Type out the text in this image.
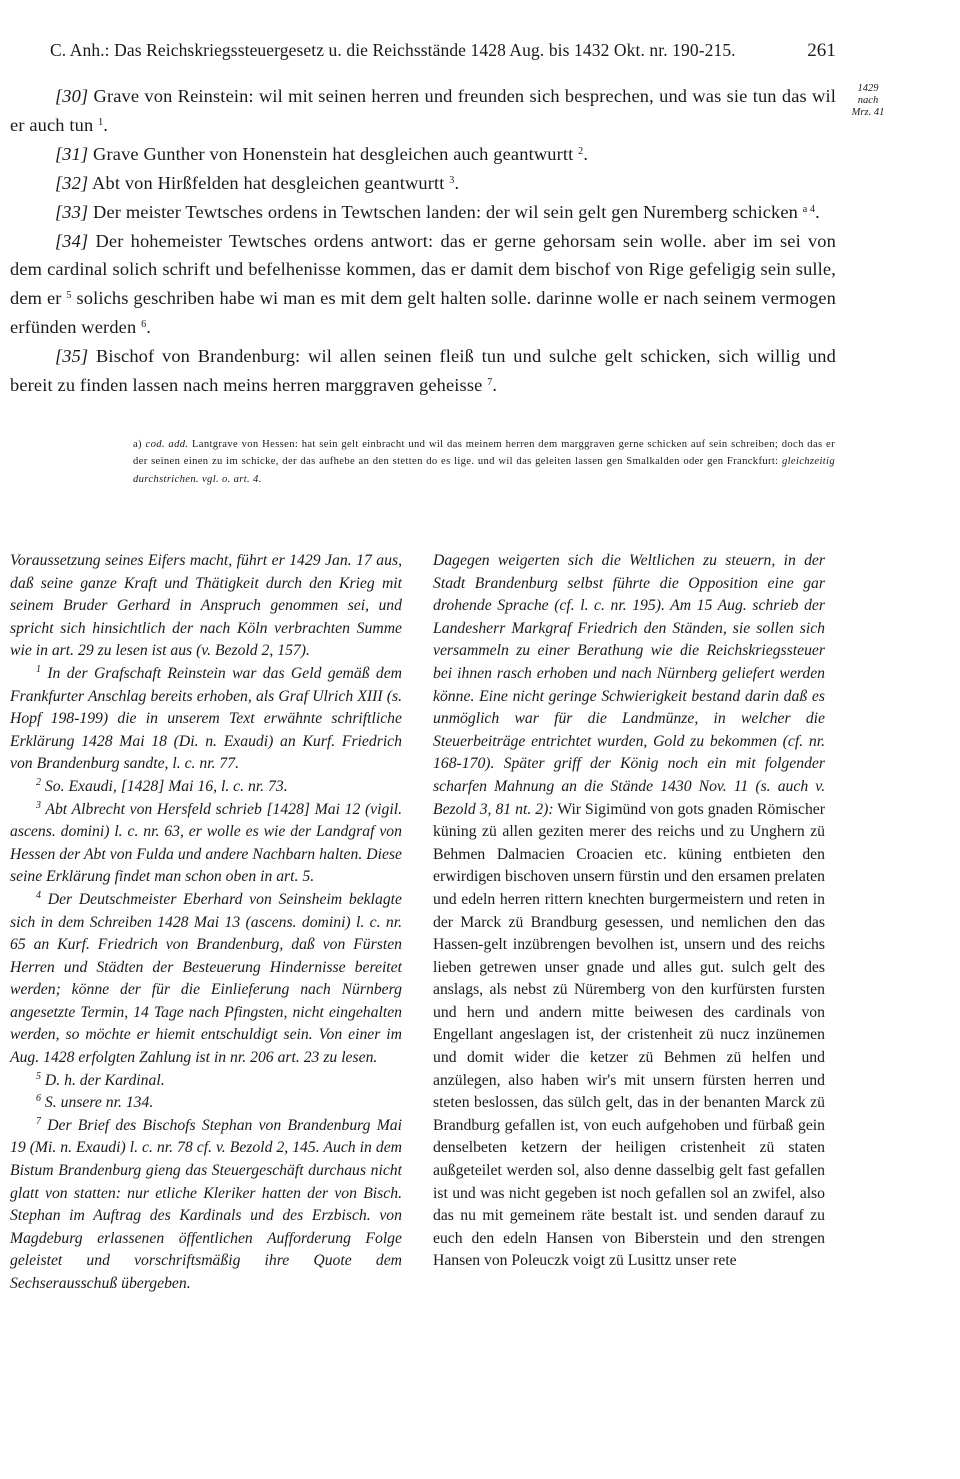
C. Anh.: Das Reichskriegssteuergesetz u. die Reichsstände 1428 Aug. bis 1432 Okt. nr. 190-215.	261
1429
nach
Mrz. 41

[30] Grave von Reinstein: wil mit seinen herren und freunden sich besprechen, und was sie tun das wil er auch tun $^1$.

[31] Grave Gunther von Honenstein hat desgleichen auch geantwurtt $^2$.

[32] Abt von Hirßfelden hat desgleichen geantwurtt $^3$.

[33] Der meister Tewtsches ordens in Tewtschen landen: der wil sein gelt gen Nuremberg schicken $^{a 4}$.

[34] Der hohemeister Tewtsches ordens antwort: das er gerne gehorsam sein wolle. aber im sei von dem cardinal solich schrift und befelhenisse kommen, das er damit dem bischof von Rige gefeligig sein sulle, dem er $^5$ solichs geschriben habe wi man es mit dem gelt halten solle. darinne wolle er nach seinem vermogen erfünden werden $^6$.

[35] Bischof von Brandenburg: wil allen seinen fleiß tun und sulche gelt schicken, sich willig und bereit zu finden lassen nach meins herren marggraven geheisse $^7$.

a) cod. add. Lantgrave von Hessen: hat sein gelt einbracht und wil das meinem herren dem marggraven gerne schicken auf sein schreiben; doch das er der seinen einen zu im schicke, der das aufhebe an den stetten do es lige. und wil das geleiten lassen gen Smalkalden oder gen Franckfurt: gleichzeitig durchstrichen. vgl. o. art. 4.

Voraussetzung seines Eifers macht, führt er 1429 Jan. 17 aus, daß seine ganze Kraft und Thätigkeit durch den Krieg mit seinem Bruder Gerhard in Anspruch genommen sei, und spricht sich hinsichtlich der nach Köln verbrachten Summe wie in art. 29 zu lesen ist aus (v. Bezold 2, 157).

$^1$ In der Grafschaft Reinstein war das Geld gemäß dem Frankfurter Anschlag bereits erhoben, als Graf Ulrich XIII (s. Hopf 198-199) die in unserem Text erwähnte schriftliche Erklärung 1428 Mai 18 (Di. n. Exaudi) an Kurf. Friedrich von Brandenburg sandte, l. c. nr. 77.

$^2$ So. Exaudi, [1428] Mai 16, l. c. nr. 73.

$^3$ Abt Albrecht von Hersfeld schrieb [1428] Mai 12 (vigil. ascens. domini) l. c. nr. 63, er wolle es wie der Landgraf von Hessen der Abt von Fulda und andere Nachbarn halten. Diese seine Erklärung findet man schon oben in art. 5.

$^4$ Der Deutschmeister Eberhard von Seinsheim beklagte sich in dem Schreiben 1428 Mai 13 (ascens. domini) l. c. nr. 65 an Kurf. Friedrich von Brandenburg, daß von Fürsten Herren und Städten der Besteuerung Hindernisse bereitet werden; könne der für die Einlieferung nach Nürnberg angesetzte Termin, 14 Tage nach Pfingsten, nicht eingehalten werden, so möchte er hiemit entschuldigt sein. Von einer im Aug. 1428 erfolgten Zahlung ist in nr. 206 art. 23 zu lesen.

$^5$ D. h. der Kardinal.

$^6$ S. unsere nr. 134.

$^7$ Der Brief des Bischofs Stephan von Brandenburg Mai 19 (Mi. n. Exaudi) l. c. nr. 78 cf. v. Bezold 2, 145. Auch in dem Bistum Brandenburg gieng das Steuergeschäft durchaus nicht glatt von statten: nur etliche Kleriker hatten der von Bisch. Stephan im Auftrag des Kardinals und des Erzbisch. von Magdeburg erlassenen öffentlichen Aufforderung Folge geleistet und vorschriftsmäßig ihre Quote dem Sechserausschuß übergeben.

Dagegen weigerten sich die Weltlichen zu steuern, in der Stadt Brandenburg selbst führte die Opposition eine gar drohende Sprache (cf. l. c. nr. 195). Am 15 Aug. schrieb der Landesherr Markgraf Friedrich den Ständen, sie sollen sich versammeln zu einer Berathung wie die Reichskriegssteuer bei ihnen rasch erhoben und nach Nürnberg geliefert werden könne. Eine nicht geringe Schwierigkeit bestand darin daß es unmöglich war für die Landmünze, in welcher die Steuerbeiträge entrichtet wurden, Gold zu bekommen (cf. nr. 168-170). Später griff der König noch ein mit folgender scharfen Mahnung an die Stände 1430 Nov. 11 (s. auch v. Bezold 3, 81 nt. 2): Wir Sigimünd von gots gnaden Römischer küning zü allen geziten merer des reichs und zu Unghern zü Behmen Dalmacien Croacien etc. küning entbieten den erwirdigen bischoven unsern fürstin und den ersamen prelaten und edeln herren rittern knechten burgermeistern und reten in der Marck zü Brandburg gesessen, und nemlichen den das Hassen-gelt inzübrengen bevolhen ist, unsern und des reichs lieben getrewen unser gnade und alles gut. sulch gelt des anslags, als nebst zü Nüremberg von den kurfürsten fursten und hern und andern mitte beiwesen des cardinals von Engellant angeslagen ist, der cristenheit zü nucz inzünemen und domit wider die ketzer zü Behmen zü helfen und anzülegen, also haben wir's mit unsern fürsten herren und steten beslossen, das sülch gelt, das in der benanten Marck zü Brandburg gefallen ist, von euch aufgehoben und fürbaß gein denselbeten ketzern der heiligen cristenheit zü staten außgeteilet werden sol, also denne dasselbig gelt fast gefallen ist und was nicht gegeben ist noch gefallen sol an zwifel, also das nu mit gemeinem räte bestalt ist. und senden darauf zu euch den edeln Hansen von Biberstein und den strengen Hansen von Poleuczk voigt zü Lusittz unser rete
